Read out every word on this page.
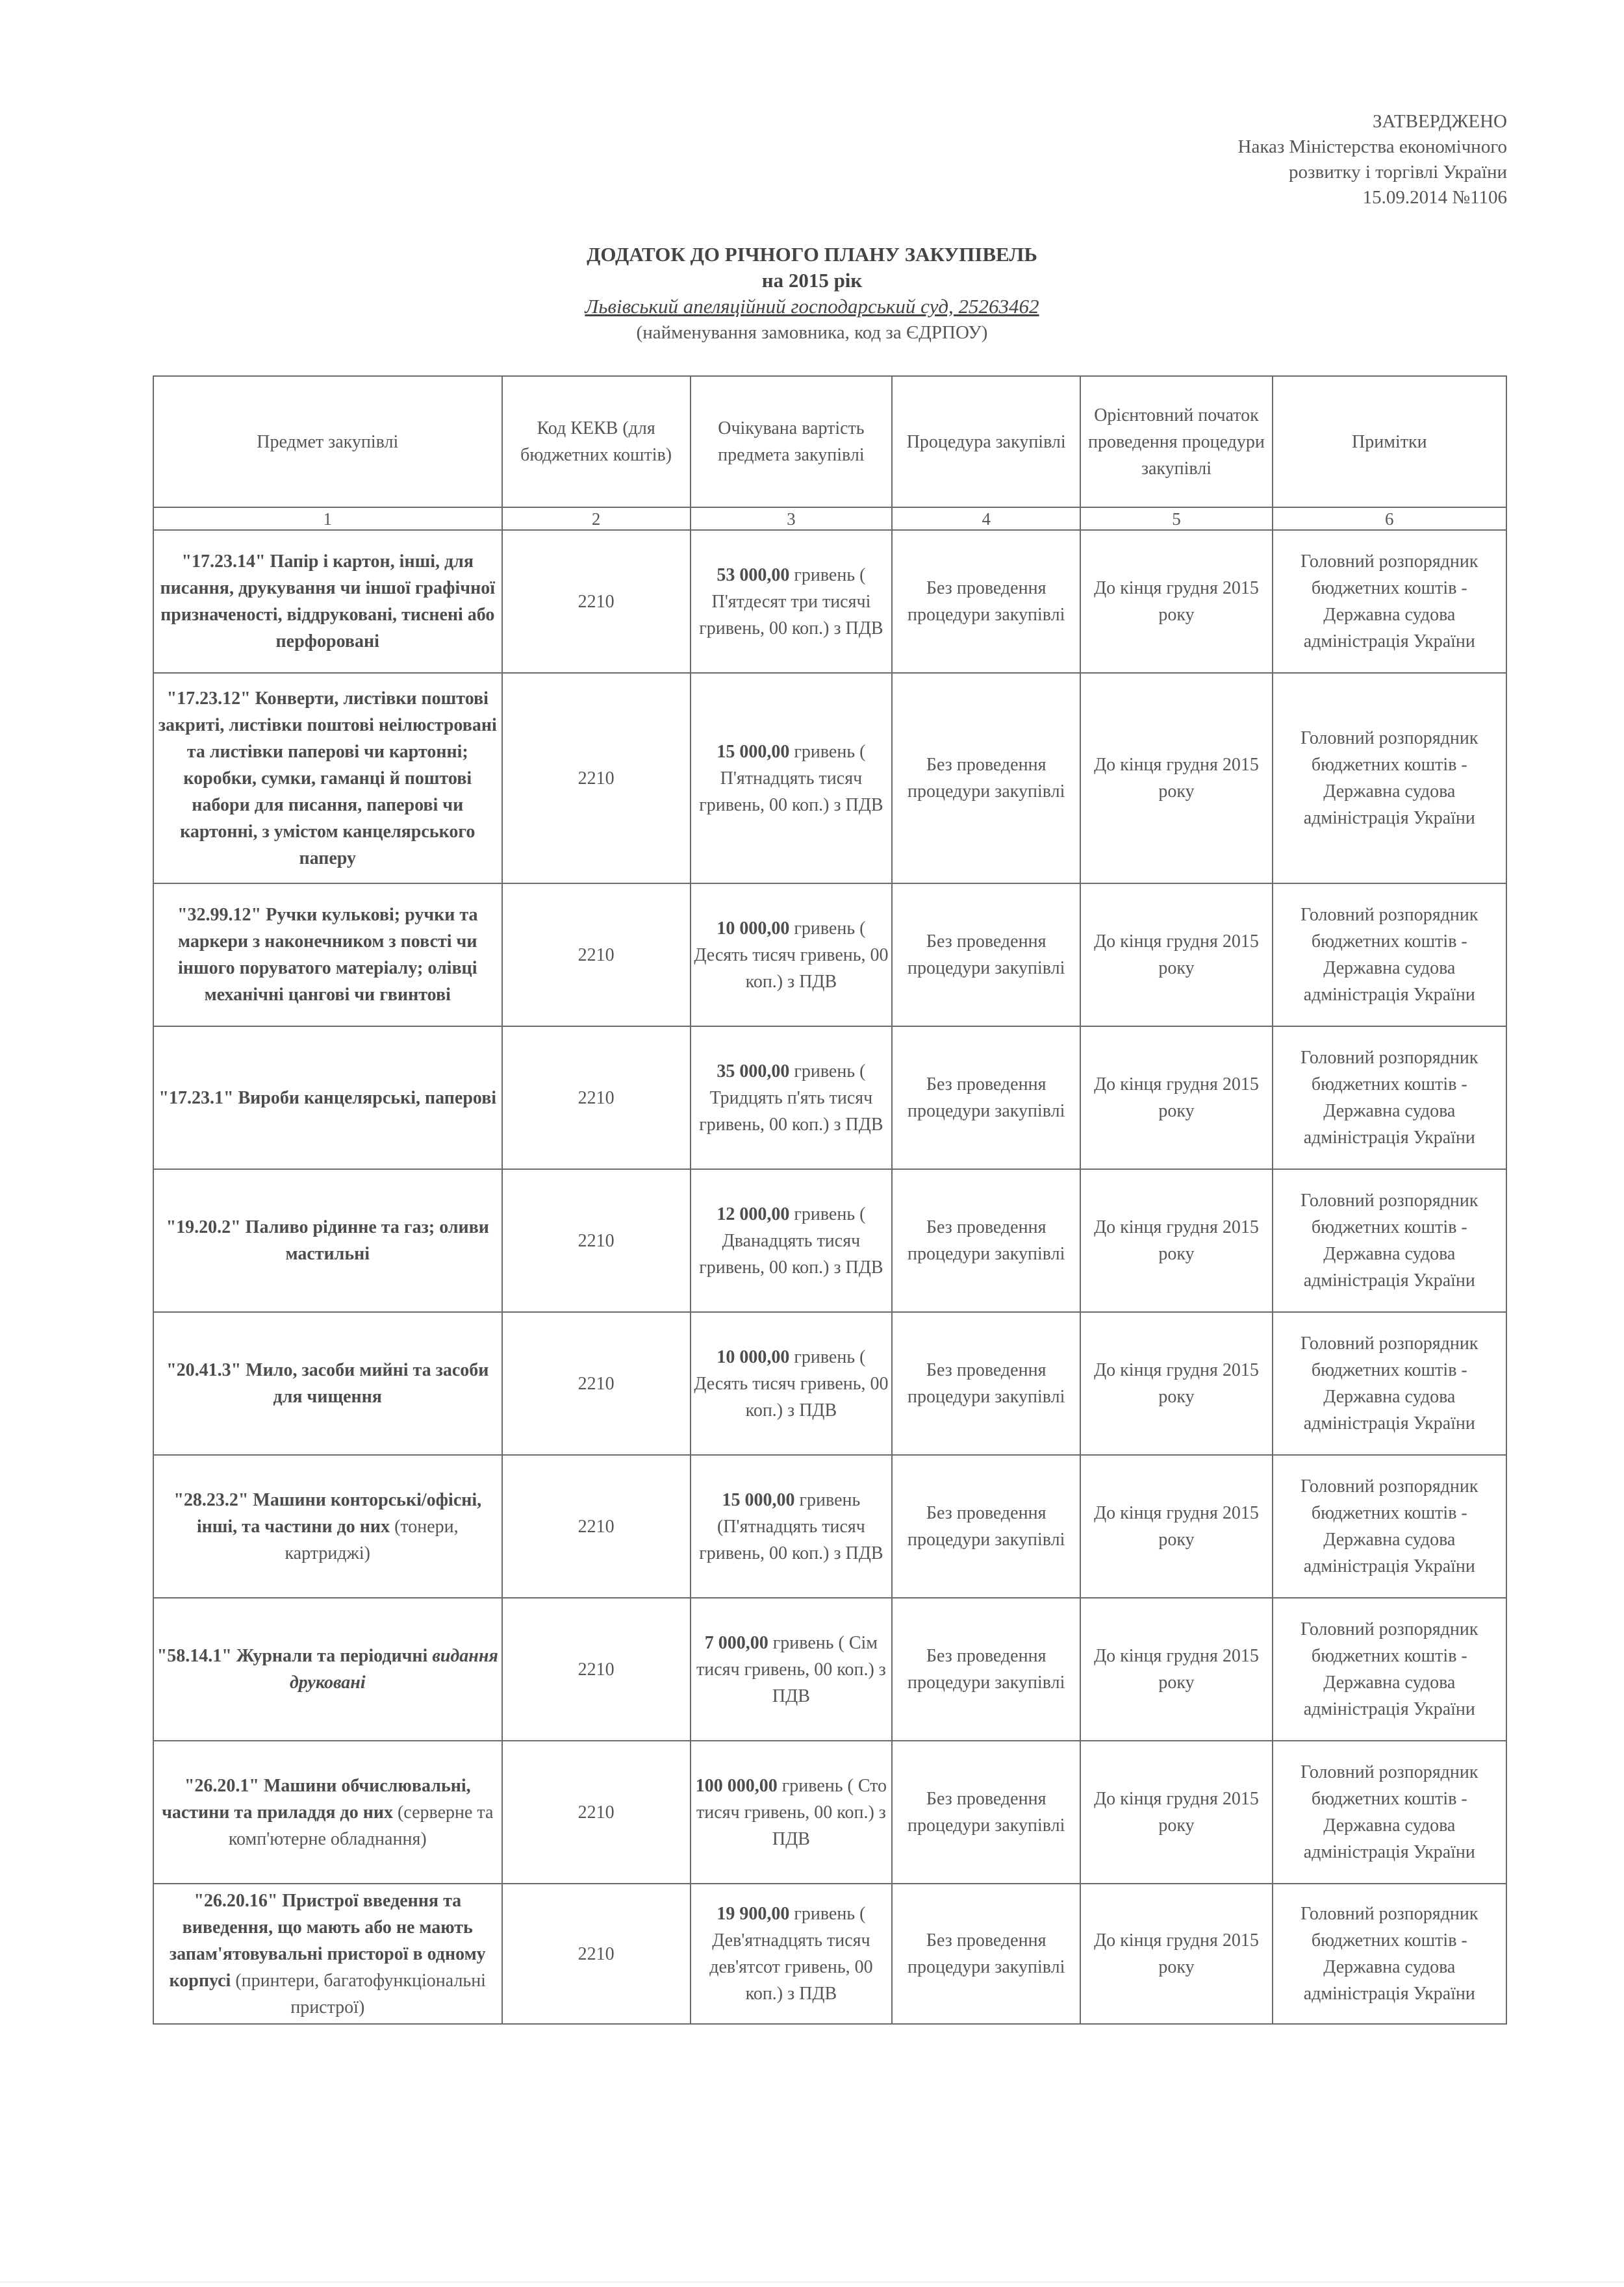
ЗАТВЕРДЖЕНО
Наказ Міністерства економічного
розвитку і торгівлі України
15.09.2014 №1106
ДОДАТОК ДО РІЧНОГО ПЛАНУ ЗАКУПІВЕЛЬ
на 2015 рік
Львівський апеляційний господарський суд, 25263462
(найменування замовника, код за ЄДРПОУ)
Предмет закупівлі	Код КЕКВ (для бюджетних коштів)	Очікувана вартість предмета закупівлі	Процедура закупівлі	Орієнтовний початок проведення процедури закупівлі	Примітки
1	2	3	4	5	6
"17.23.14" Папір і картон, інші, для писання, друкування чи іншої графічної призначеності, віддруковані, тиснені або перфоровані	2210	53 000,00 гривень ( П'ятдесят три тисячі гривень, 00 коп.) з ПДВ	Без проведення процедури закупівлі	До кінця грудня 2015 року	Головний розпорядник бюджетних коштів - Державна судова адміністрація України
"17.23.12" Конверти, листівки поштові закриті, листівки поштові неілюстровані та листівки паперові чи картонні; коробки, сумки, гаманці й поштові набори для писання, паперові чи картонні, з умістом канцелярського паперу	2210	15 000,00 гривень ( П'ятнадцять тисяч гривень, 00 коп.) з ПДВ	Без проведення процедури закупівлі	До кінця грудня 2015 року	Головний розпорядник бюджетних коштів - Державна судова адміністрація України
"32.99.12" Ручки кулькові; ручки та маркери з наконечником з повсті чи іншого поруватого матеріалу; олівці механічні цангові чи гвинтові	2210	10 000,00 гривень ( Десять тисяч гривень, 00 коп.) з ПДВ	Без проведення процедури закупівлі	До кінця грудня 2015 року	Головний розпорядник бюджетних коштів - Державна судова адміністрація України
"17.23.1" Вироби канцелярські, паперові	2210	35 000,00 гривень ( Тридцять п'ять тисяч гривень, 00 коп.) з ПДВ	Без проведення процедури закупівлі	До кінця грудня 2015 року	Головний розпорядник бюджетних коштів - Державна судова адміністрація України
"19.20.2" Паливо рідинне та газ; оливи мастильні	2210	12 000,00 гривень ( Дванадцять тисяч гривень, 00 коп.) з ПДВ	Без проведення процедури закупівлі	До кінця грудня 2015 року	Головний розпорядник бюджетних коштів - Державна судова адміністрація України
"20.41.3" Мило, засоби мийні та засоби для чищення	2210	10 000,00 гривень ( Десять тисяч гривень, 00 коп.) з ПДВ	Без проведення процедури закупівлі	До кінця грудня 2015 року	Головний розпорядник бюджетних коштів - Державна судова адміністрація України
"28.23.2" Машини конторські/офісні, інші, та частини до них (тонери, картриджі)	2210	15 000,00 гривень (П'ятнадцять тисяч гривень, 00 коп.) з ПДВ	Без проведення процедури закупівлі	До кінця грудня 2015 року	Головний розпорядник бюджетних коштів - Державна судова адміністрація України
"58.14.1" Журнали та періодичні видання друковані	2210	7 000,00 гривень ( Сім тисяч гривень, 00 коп.) з ПДВ	Без проведення процедури закупівлі	До кінця грудня 2015 року	Головний розпорядник бюджетних коштів - Державна судова адміністрація України
"26.20.1" Машини обчислювальні, частини та приладдя до них (серверне та комп'ютерне обладнання)	2210	100 000,00 гривень ( Сто тисяч гривень, 00 коп.) з ПДВ	Без проведення процедури закупівлі	До кінця грудня 2015 року	Головний розпорядник бюджетних коштів - Державна судова адміністрація України
"26.20.16" Пристрої введення та виведення, що мають або не мають запам'ятовувальні присторої в одному корпусі (принтери, багатофункціональні пристрої)	2210	19 900,00 гривень ( Дев'ятнадцять тисяч дев'ятсот гривень, 00 коп.) з ПДВ	Без проведення процедури закупівлі	До кінця грудня 2015 року	Головний розпорядник бюджетних коштів - Державна судова адміністрація України
